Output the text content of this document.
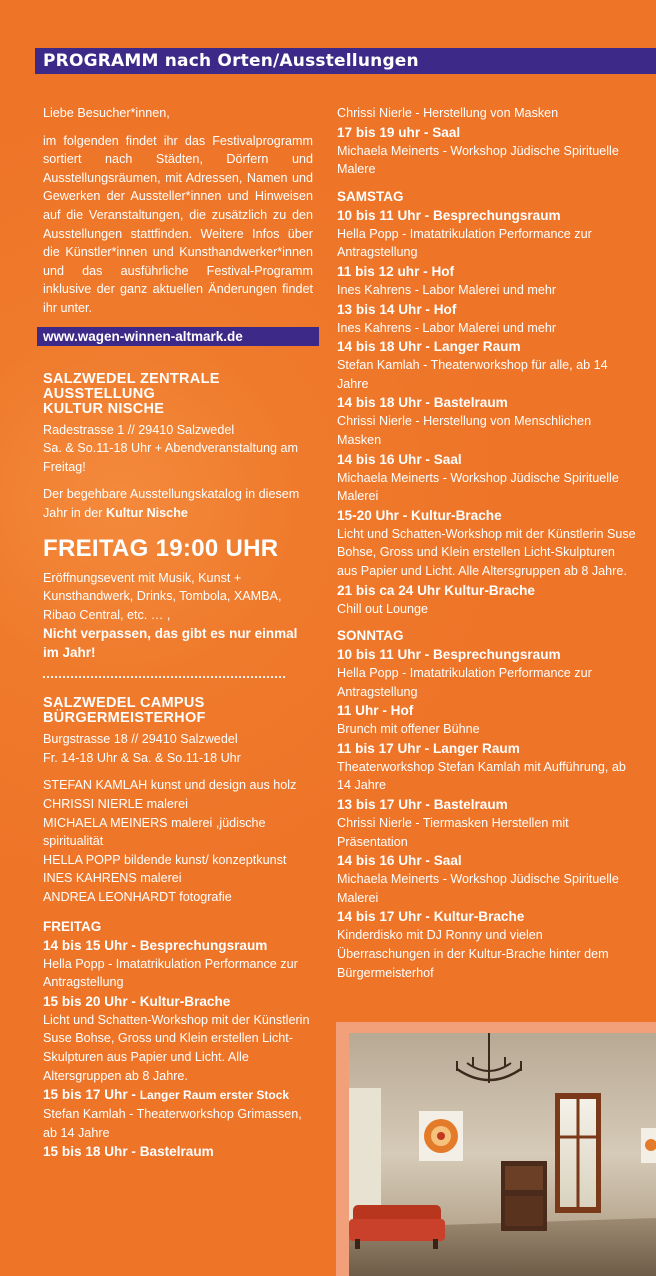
PROGRAMM nach Orten/Ausstellungen

Liebe Besucher*innen,

im folgenden findet ihr das Festivalprogramm sortiert nach Städten, Dörfern und Ausstellungsräumen, mit Adressen, Namen und Gewerken der Aussteller*innen und Hinweisen auf die Veranstaltungen, die zusätzlich zu den Ausstellungen stattfinden. Weitere Infos über die Künstler*innen und Kunsthandwerker*innen und das ausführliche Festival-Programm inklusive der ganz aktuellen Änderungen findet ihr unter.

www.wagen-winnen-altmark.de
SALZWEDEL ZENTRALE
AUSSTELLUNG
KULTUR NISCHE
Radestrasse 1 // 29410 Salzwedel

Sa. & So.11-18 Uhr + Abendveranstaltung am Freitag!

Der begehbare Ausstellungskatalog in diesem Jahr in der Kultur Nische

FREITAG 19:00 UHR
Eröffnungsevent mit Musik, Kunst + Kunsthandwerk, Drinks, Tombola, XAMBA, Ribao Central, etc. … ,
Nicht verpassen, das gibt es nur einmal im Jahr!
SALZWEDEL CAMPUS
BÜRGERMEISTERHOF
Burgstrasse 18 // 29410 Salzwedel

Fr. 14-18 Uhr & Sa. & So.11-18 Uhr

STEFAN KAMLAH kunst und design aus holz
CHRISSI NIERLE malerei
MICHAELA MEINERS malerei ,jüdische spiritualität
HELLA POPP bildende kunst/ konzeptkunst
INES KAHRENS malerei
ANDREA LEONHARDT fotografie
FREITAG
14 bis 15 Uhr - Besprechungsraum
Hella Popp - Imatatrikulation Performance zur Antragstellung
15 bis 20 Uhr - Kultur-Brache
Licht und Schatten-Workshop mit der Künstlerin Suse Bohse, Gross und Klein erstellen Licht-Skulpturen aus Papier und Licht. Alle Altersgruppen ab 8 Jahre.
15 bis 17 Uhr - Langer Raum erster Stock
Stefan Kamlah - Theaterworkshop Grimassen, ab 14 Jahre
15 bis 18 Uhr - Bastelraum
Chrissi Nierle - Herstellung von Masken
17 bis 19 uhr - Saal
Michaela Meinerts - Workshop Jüdische Spirituelle Malere
SAMSTAG
10 bis 11 Uhr - Besprechungsraum
Hella Popp - Imatatrikulation Performance zur Antragstellung
11 bis 12 uhr - Hof
Ines Kahrens - Labor Malerei und mehr
13 bis 14 Uhr - Hof
Ines Kahrens - Labor Malerei und mehr
14 bis 18 Uhr - Langer Raum
Stefan Kamlah - Theaterworkshop für alle, ab 14 Jahre
14 bis 18 Uhr - Bastelraum
Chrissi Nierle - Herstellung von Menschlichen Masken
14 bis 16 Uhr - Saal
Michaela Meinerts - Workshop Jüdische Spirituelle Malerei
15-20 Uhr - Kultur-Brache
Licht und Schatten-Workshop mit der Künstlerin Suse Bohse, Gross und Klein erstellen Licht-Skulpturen aus Papier und Licht. Alle Altersgruppen ab 8 Jahre.
21 bis ca 24 Uhr Kultur-Brache
Chill out Lounge
SONNTAG
10 bis 11 Uhr - Besprechungsraum
Hella Popp - Imatatrikulation Performance zur Antragstellung
11 Uhr - Hof
Brunch mit offener Bühne
11 bis 17 Uhr - Langer Raum
Theaterworkshop Stefan Kamlah mit Aufführung, ab 14 Jahre
13 bis 17 Uhr - Bastelraum
Chrissi Nierle - Tiermasken Herstellen mit Präsentation
14 bis 16 Uhr - Saal
Michaela Meinerts - Workshop Jüdische Spirituelle Malerei
14 bis 17 Uhr - Kultur-Brache
Kinderdisko mit DJ Ronny und vielen Überraschungen in der Kultur-Brache hinter dem Bürgermeisterhof
